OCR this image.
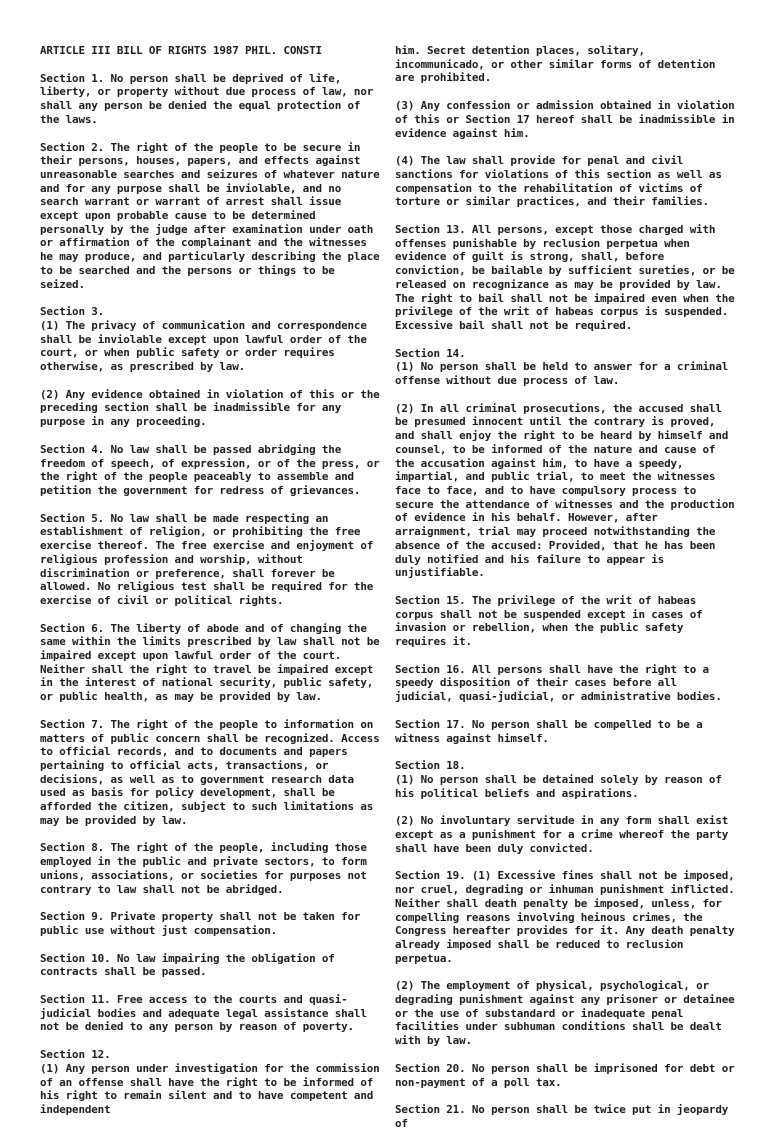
ARTICLE III BILL OF RIGHTS 1987 PHIL. CONSTI
Section 1. No person shall be deprived of life, liberty, or property without due process of law, nor shall any person be denied the equal protection of the laws.
Section 2. The right of the people to be secure in their persons, houses, papers, and effects against unreasonable searches and seizures of whatever nature and for any purpose shall be inviolable, and no search warrant or warrant of arrest shall issue except upon probable cause to be determined personally by the judge after examination under oath or affirmation of the complainant and the witnesses he may produce, and particularly describing the place to be searched and the persons or things to be seized.
Section 3.
(1) The privacy of communication and correspondence shall be inviolable except upon lawful order of the court, or when public safety or order requires otherwise, as prescribed by law.
(2) Any evidence obtained in violation of this or the preceding section shall be inadmissible for any purpose in any proceeding.
Section 4. No law shall be passed abridging the freedom of speech, of expression, or of the press, or the right of the people peaceably to assemble and petition the government for redress of grievances.
Section 5. No law shall be made respecting an establishment of religion, or prohibiting the free exercise thereof. The free exercise and enjoyment of religious profession and worship, without discrimination or preference, shall forever be allowed. No religious test shall be required for the exercise of civil or political rights.
Section 6. The liberty of abode and of changing the same within the limits prescribed by law shall not be impaired except upon lawful order of the court. Neither shall the right to travel be impaired except in the interest of national security, public safety, or public health, as may be provided by law.
Section 7. The right of the people to information on matters of public concern shall be recognized. Access to official records, and to documents and papers pertaining to official acts, transactions, or decisions, as well as to government research data used as basis for policy development, shall be afforded the citizen, subject to such limitations as may be provided by law.
Section 8. The right of the people, including those employed in the public and private sectors, to form unions, associations, or societies for purposes not contrary to law shall not be abridged.
Section 9. Private property shall not be taken for public use without just compensation.
Section 10. No law impairing the obligation of contracts shall be passed.
Section 11. Free access to the courts and quasi-judicial bodies and adequate legal assistance shall not be denied to any person by reason of poverty.
Section 12.
(1) Any person under investigation for the commission of an offense shall have the right to be informed of his right to remain silent and to have competent and independent
him. Secret detention places, solitary, incommunicado, or other similar forms of detention are prohibited.
(3) Any confession or admission obtained in violation of this or Section 17 hereof shall be inadmissible in evidence against him.
(4) The law shall provide for penal and civil sanctions for violations of this section as well as compensation to the rehabilitation of victims of torture or similar practices, and their families.
Section 13. All persons, except those charged with offenses punishable by reclusion perpetua when evidence of guilt is strong, shall, before conviction, be bailable by sufficient sureties, or be released on recognizance as may be provided by law. The right to bail shall not be impaired even when the privilege of the writ of habeas corpus is suspended. Excessive bail shall not be required.
Section 14.
(1) No person shall be held to answer for a criminal offense without due process of law.
(2) In all criminal prosecutions, the accused shall be presumed innocent until the contrary is proved, and shall enjoy the right to be heard by himself and counsel, to be informed of the nature and cause of the accusation against him, to have a speedy, impartial, and public trial, to meet the witnesses face to face, and to have compulsory process to secure the attendance of witnesses and the production of evidence in his behalf. However, after arraignment, trial may proceed notwithstanding the absence of the accused: Provided, that he has been duly notified and his failure to appear is unjustifiable.
Section 15. The privilege of the writ of habeas corpus shall not be suspended except in cases of invasion or rebellion, when the public safety requires it.
Section 16. All persons shall have the right to a speedy disposition of their cases before all judicial, quasi-judicial, or administrative bodies.
Section 17. No person shall be compelled to be a witness against himself.
Section 18.
(1) No person shall be detained solely by reason of his political beliefs and aspirations.
(2) No involuntary servitude in any form shall exist except as a punishment for a crime whereof the party shall have been duly convicted.
Section 19. (1) Excessive fines shall not be imposed, nor cruel, degrading or inhuman punishment inflicted. Neither shall death penalty be imposed, unless, for compelling reasons involving heinous crimes, the Congress hereafter provides for it. Any death penalty already imposed shall be reduced to reclusion perpetua.
(2) The employment of physical, psychological, or degrading punishment against any prisoner or detainee or the use of substandard or inadequate penal facilities under subhuman conditions shall be dealt with by law.
Section 20. No person shall be imprisoned for debt or non-payment of a poll tax.
Section 21. No person shall be twice put in jeopardy of
